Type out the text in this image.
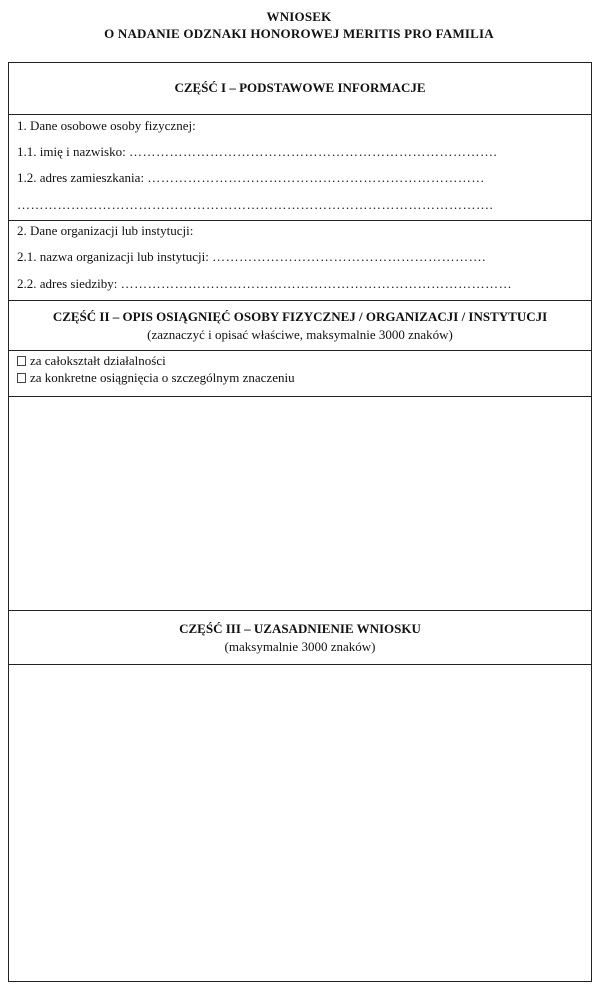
WNIOSEK
O NADANIE ODZNAKI HONOROWEJ MERITIS PRO FAMILIA
CZĘŚĆ I – PODSTAWOWE INFORMACJE
1. Dane osobowe osoby fizycznej:
1.1. imię i nazwisko: ……………………………………………………………………….
1.2. adres zamieszkania: …………………………………………………………………
…………………………………………………………………………………………….
2. Dane organizacji lub instytucji:
2.1. nazwa organizacji lub instytucji: …………………………………………………….
2.2. adres siedziby: ……………………………………………………………………………
CZĘŚĆ II – OPIS OSIĄGNIĘĆ OSOBY FIZYCZNEJ / ORGANIZACJI / INSTYTUCJI
(zaznaczyć i opisać właściwe, maksymalnie 3000 znaków)
za całokształt działalności
za konkretne osiągnięcia o szczególnym znaczeniu
CZĘŚĆ III – UZASADNIENIE WNIOSKU
(maksymalnie 3000 znaków)
